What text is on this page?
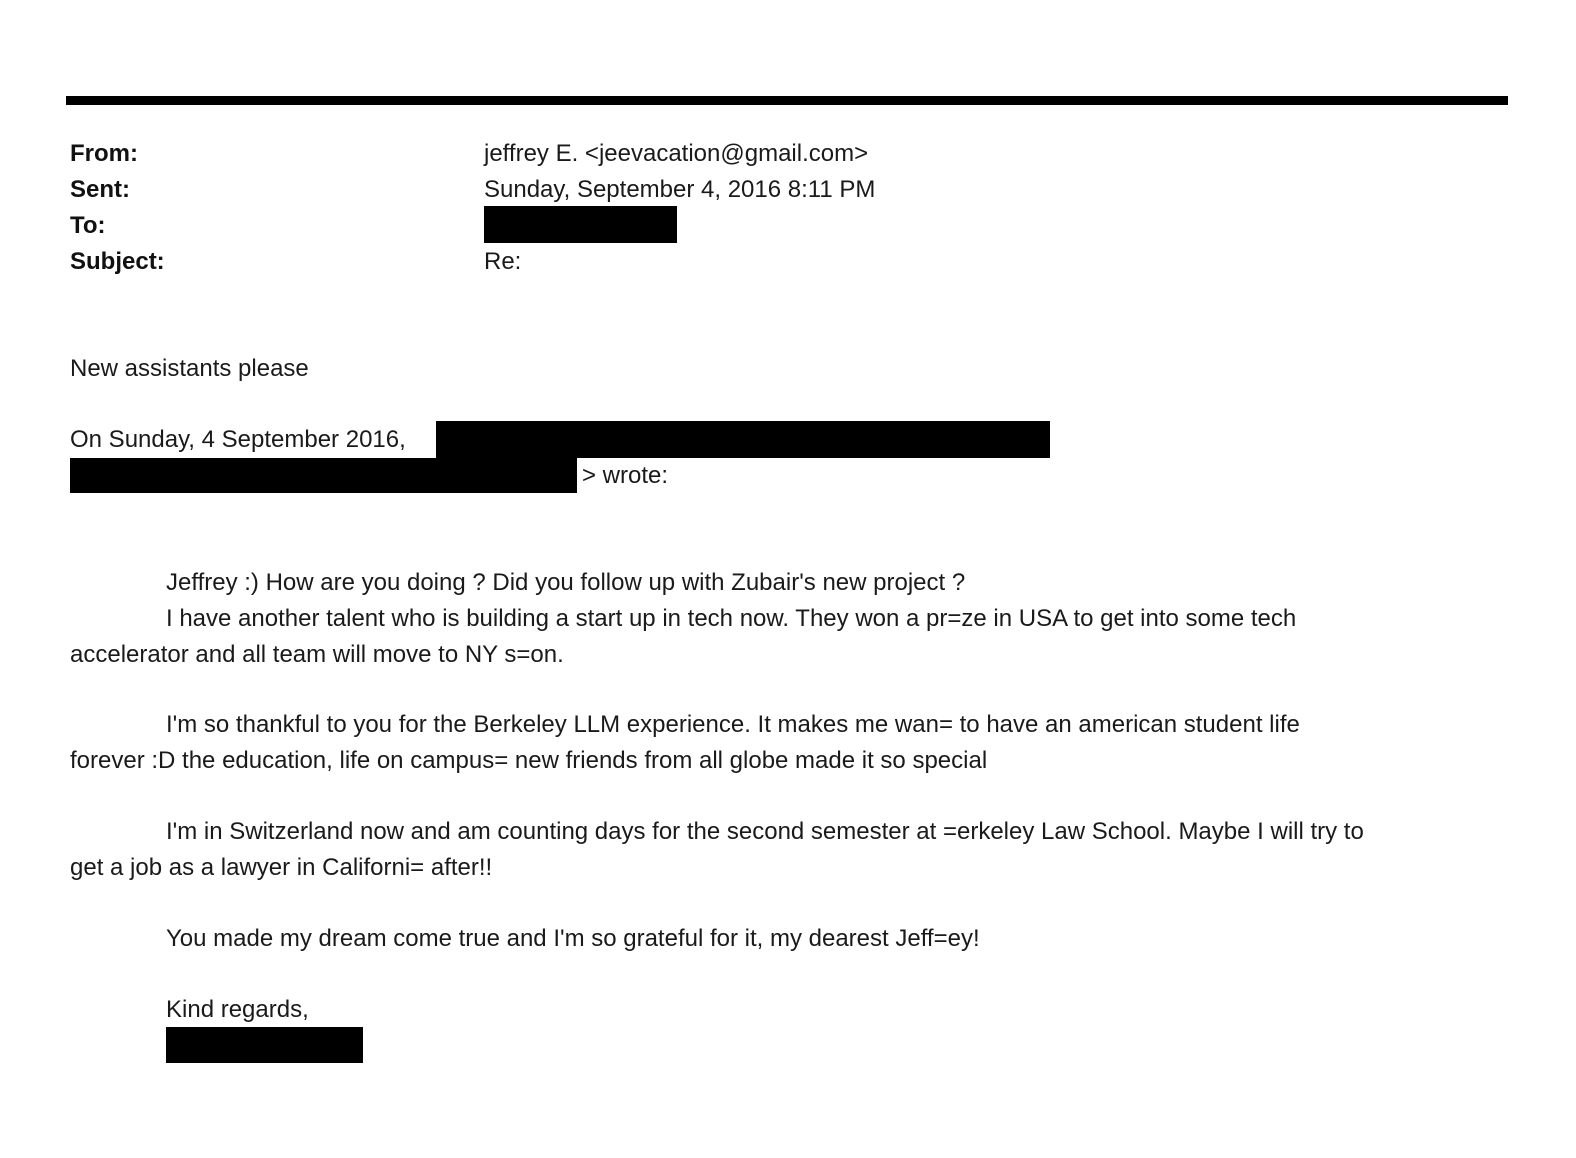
From:	jeffrey E. <jeevacation@gmail.com>
Sent:	Sunday, September 4, 2016 8:11 PM
To:
Subject:	Re:
New assistants please
On Sunday, 4 September 2016,
> wrote:
Jeffrey :) How are you doing ? Did you follow up with Zubair's new project ?
I have another talent who is building a start up in tech now. They won a pr=ze in USA to get into some tech
accelerator and all team will move to NY s=on.
I'm so thankful to you for the Berkeley LLM experience. It makes me wan= to have an american student life
forever :D the education, life on campus= new friends from all globe made it so special
I'm in Switzerland now and am counting days for the second semester at =erkeley Law School. Maybe I will try to
get a job as a lawyer in Californi= after!!
You made my dream come true and I'm so grateful for it, my dearest Jeff=ey!
Kind regards,
